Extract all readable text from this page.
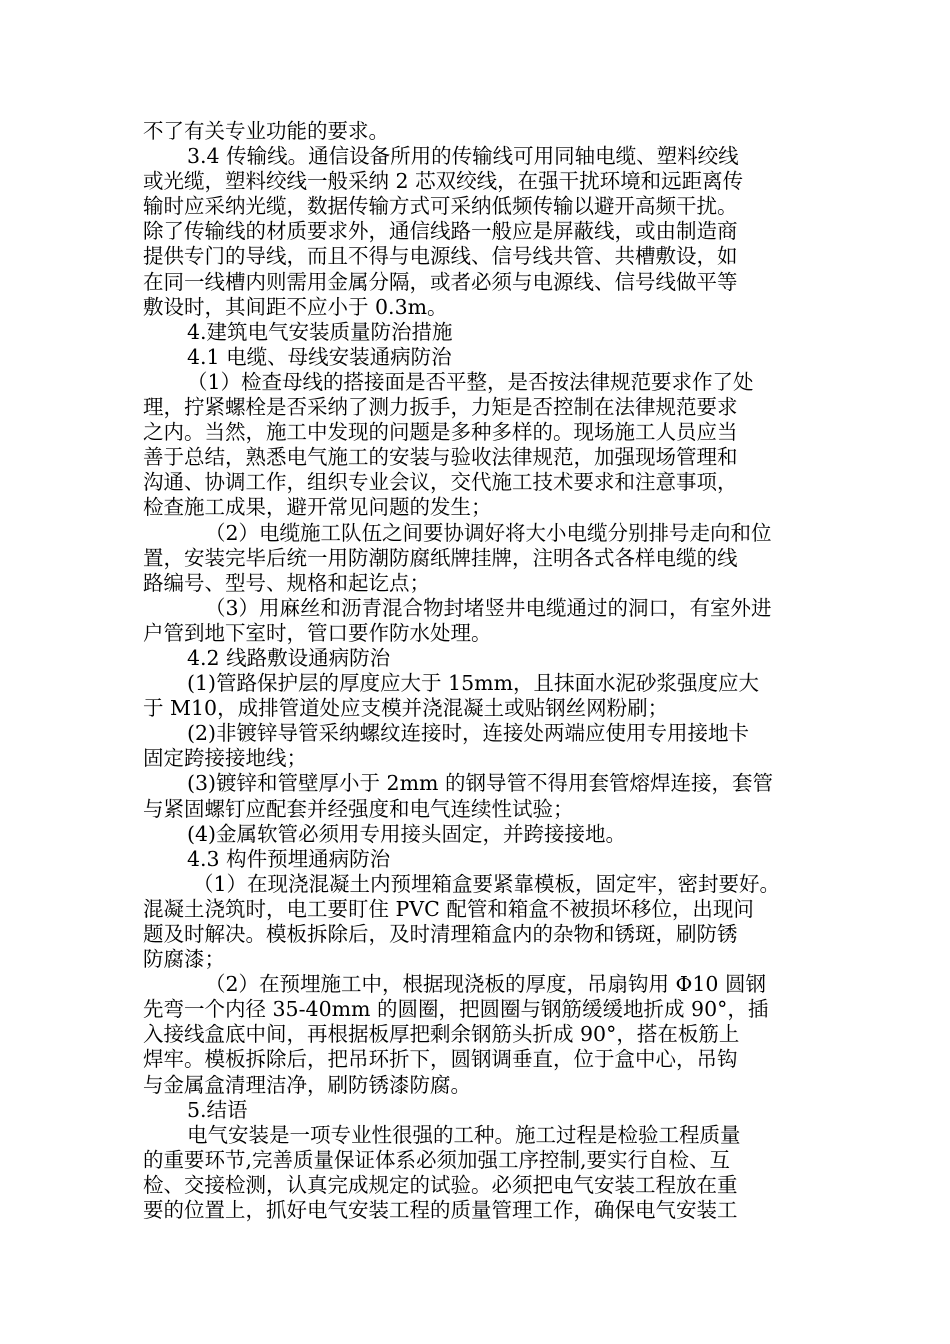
不了有关专业功能的要求。
3.4 传输线。通信设备所用的传输线可用同轴电缆、塑料绞线
或光缆，塑料绞线一般采纳 2 芯双绞线，在强干扰环境和远距离传
输时应采纳光缆，数据传输方式可采纳低频传输以避开高频干扰。
除了传输线的材质要求外，通信线路一般应是屏蔽线，或由制造商
提供专门的导线，而且不得与电源线、信号线共管、共槽敷设，如
在同一线槽内则需用金属分隔，或者必须与电源线、信号线做平等
敷设时，其间距不应小于 0.3m。
4.建筑电气安装质量防治措施
4.1 电缆、母线安装通病防治
（1）检查母线的搭接面是否平整，是否按法律规范要求作了处
理，拧紧螺栓是否采纳了测力扳手，力矩是否控制在法律规范要求
之内。当然，施工中发现的问题是多种多样的。现场施工人员应当
善于总结，熟悉电气施工的安装与验收法律规范，加强现场管理和
沟通、协调工作，组织专业会议，交代施工技术要求和注意事项，
检查施工成果，避开常见问题的发生；
（2）电缆施工队伍之间要协调好将大小电缆分别排号走向和位
置，安装完毕后统一用防潮防腐纸牌挂牌，注明各式各样电缆的线
路编号、型号、规格和起讫点；
（3）用麻丝和沥青混合物封堵竖井电缆通过的洞口，有室外进
户管到地下室时，管口要作防水处理。
4.2 线路敷设通病防治
(1)管路保护层的厚度应大于 15mm，且抹面水泥砂浆强度应大
于 M10，成排管道处应支模并浇混凝土或贴钢丝网粉刷；
(2)非镀锌导管采纳螺纹连接时，连接处两端应使用专用接地卡
固定跨接接地线；
(3)镀锌和管壁厚小于 2mm 的钢导管不得用套管熔焊连接，套管
与紧固螺钉应配套并经强度和电气连续性试验；
(4)金属软管必须用专用接头固定，并跨接接地。
4.3 构件预埋通病防治
（1）在现浇混凝土内预埋箱盒要紧靠模板，固定牢，密封要好。
混凝土浇筑时，电工要盯住 PVC 配管和箱盒不被损坏移位，出现问
题及时解决。模板拆除后，及时清理箱盒内的杂物和锈斑，刷防锈
防腐漆；
（2）在预埋施工中，根据现浇板的厚度，吊扇钩用 Φ10 圆钢
先弯一个内径 35-40mm 的圆圈，把圆圈与钢筋缓缓地折成 90°，插
入接线盒底中间，再根据板厚把剩余钢筋头折成 90°，搭在板筋上
焊牢。模板拆除后，把吊环折下，圆钢调垂直，位于盒中心，吊钩
与金属盒清理洁净，刷防锈漆防腐。
5.结语
电气安装是一项专业性很强的工种。施工过程是检验工程质量
的重要环节,完善质量保证体系必须加强工序控制,要实行自检、互
检、交接检测，认真完成规定的试验。必须把电气安装工程放在重
要的位置上，抓好电气安装工程的质量管理工作，确保电气安装工
